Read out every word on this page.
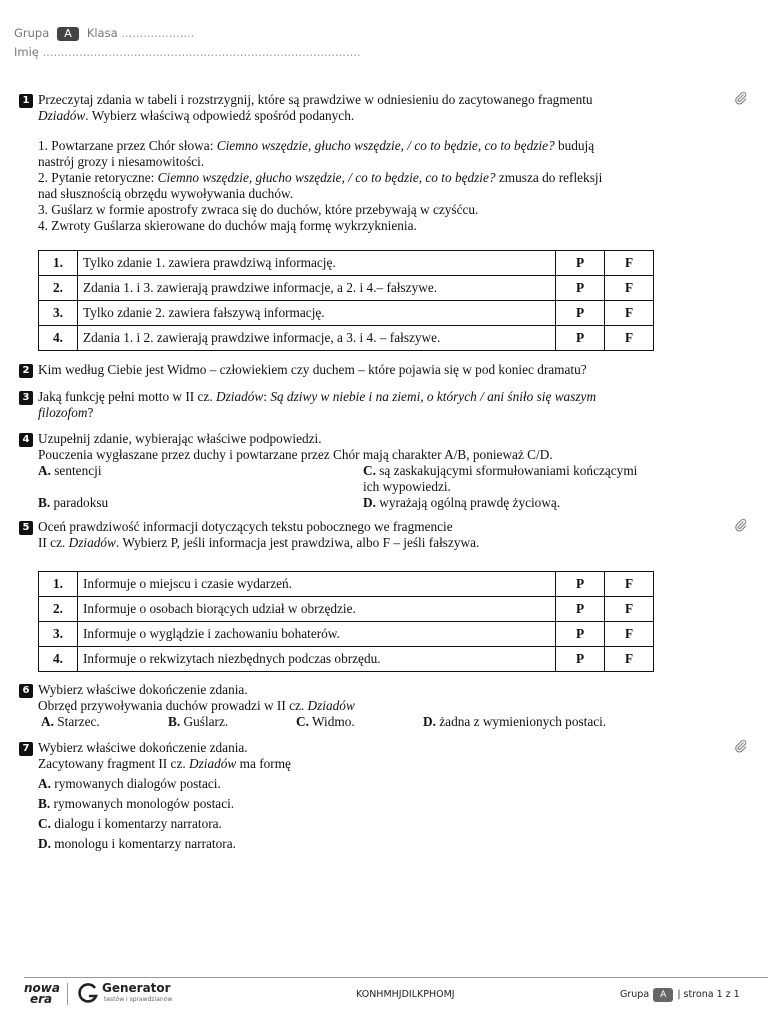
Grupa A Klasa ....................
Imię .......................................................................................
1 Przeczytaj zdania w tabeli i rozstrzygnij, które są prawdziwe w odniesieniu do zacytowanego fragmentu

Dziadów. Wybierz właściwą odpowiedź spośród podanych.

1. Powtarzane przez Chór słowa: Ciemno wszędzie, głucho wszędzie, / co to będzie, co to będzie? budują

nastrój grozy i niesamowitości.

2. Pytanie retoryczne: Ciemno wszędzie, głucho wszędzie, / co to będzie, co to będzie? zmusza do refleksji

nad słusznością obrzędu wywoływania duchów.

3. Guślarz w formie apostrofy zwraca się do duchów, które przebywają w czyśćcu.

4. Zwroty Guślarza skierowane do duchów mają formę wykrzyknienia.

1.	Tylko zdanie 1. zawiera prawdziwą informację.	P	F
2.	Zdania 1. i 3. zawierają prawdziwe informacje, a 2. i 4.– fałszywe.	P	F
3.	Tylko zdanie 2. zawiera fałszywą informację.	P	F
4.	Zdania 1. i 2. zawierają prawdziwe informacje, a 3. i 4. – fałszywe.	P	F
2 Kim według Ciebie jest Widmo – człowiekiem czy duchem – które pojawia się w pod koniec dramatu?

3 Jaką funkcję pełni motto w II cz. Dziadów: Są dziwy w niebie i na ziemi, o których / ani śniło się waszym

filozofom?

4 Uzupełnij zdanie, wybierając właściwe podpowiedzi.

Pouczenia wygłaszane przez duchy i powtarzane przez Chór mają charakter A/B, ponieważ C/D.

A. sentencji	C. są zaskakującymi sformułowaniami kończącymi
ich wypowiedzi.
B. paradoksu	D. wyrażają ogólną prawdę życiową.
5 Oceń prawdziwość informacji dotyczących tekstu pobocznego we fragmencie

II cz. Dziadów. Wybierz P, jeśli informacja jest prawdziwa, albo F – jeśli fałszywa.

1.	Informuje o miejscu i czasie wydarzeń.	P	F
2.	Informuje o osobach biorących udział w obrzędzie.	P	F
3.	Informuje o wyglądzie i zachowaniu bohaterów.	P	F
4.	Informuje o rekwizytach niezbędnych podczas obrzędu.	P	F
6 Wybierz właściwe dokończenie zdania.

Obrzęd przywoływania duchów prowadzi w II cz. Dziadów

A. Starzec.	B. Guślarz.	C. Widmo.	D. żadna z wymienionych postaci.
7 Wybierz właściwe dokończenie zdania.

Zacytowany fragment II cz. Dziadów ma formę

A. rymowanych dialogów postaci.

B. rymowanych monologów postaci.

C. dialogu i komentarzy narratora.

D. monologu i komentarzy narratora.

nowa
era
Generator
testów i sprawdzianów	KONHMHJDILKPHOMJ	Grupa A | strona 1 z 1
